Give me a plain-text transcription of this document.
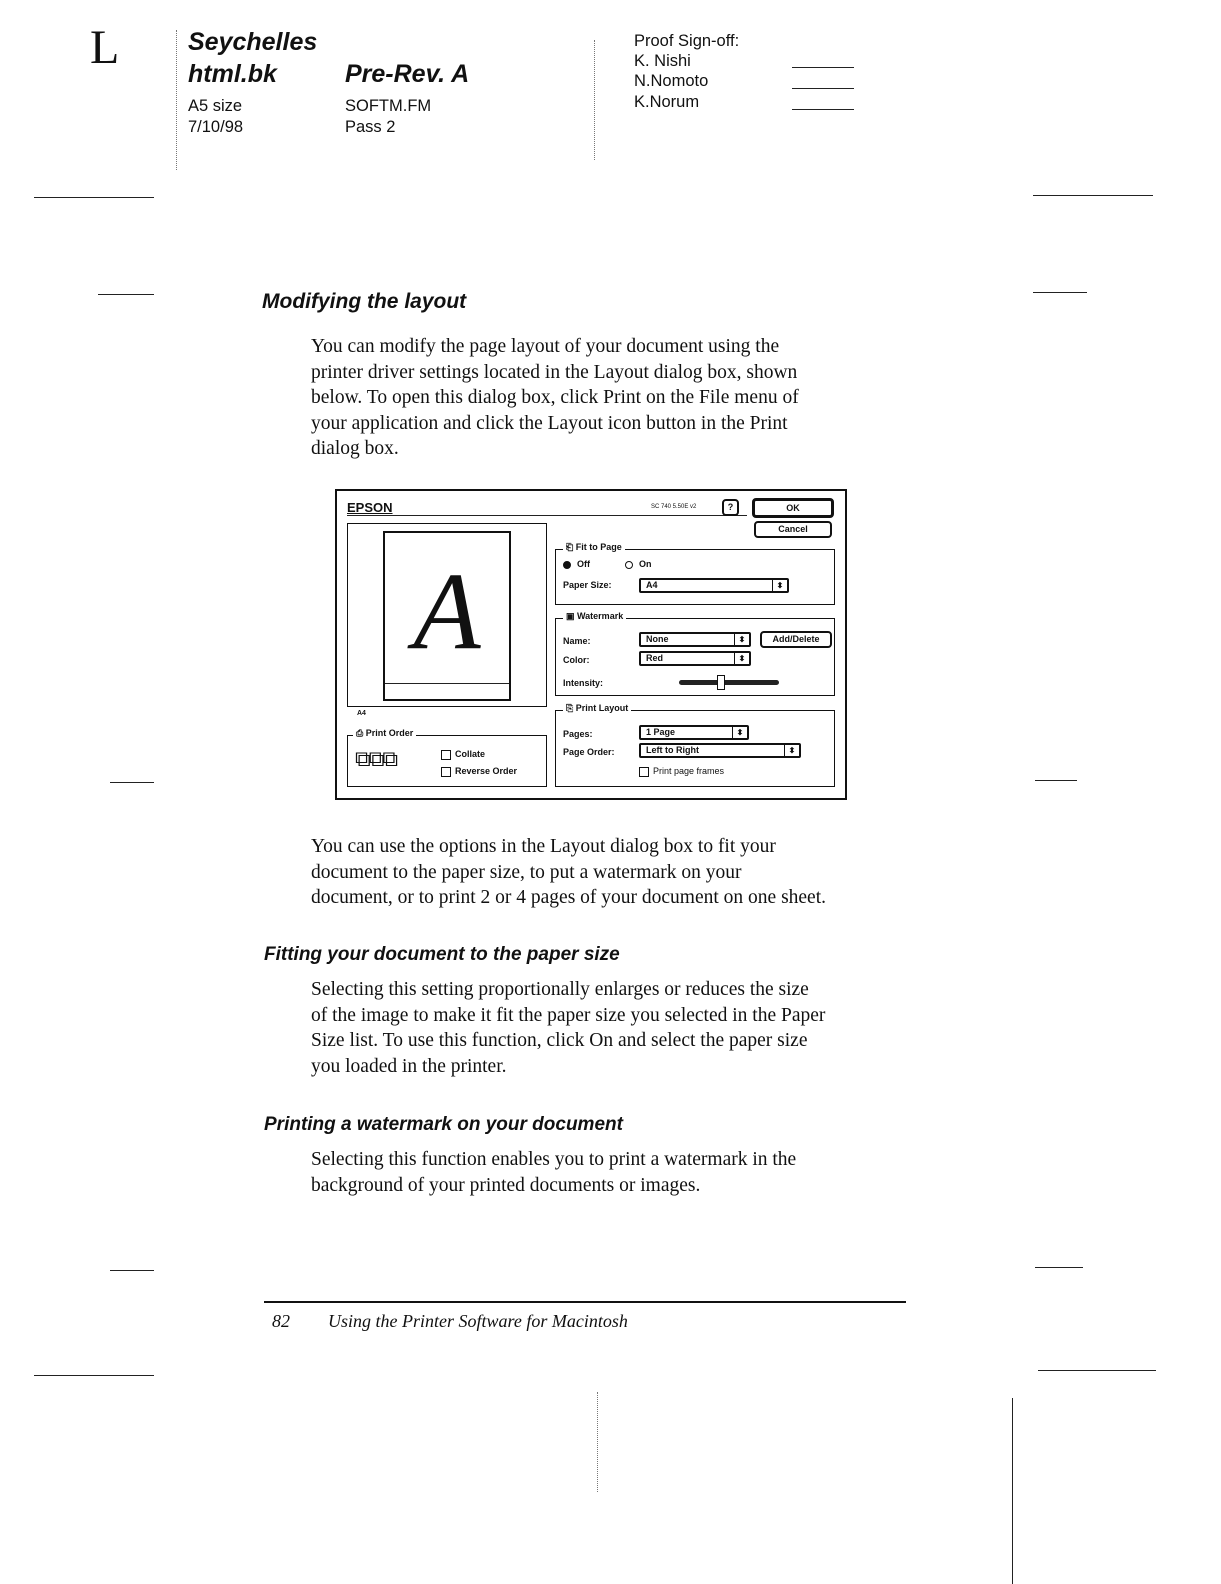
L	Seychelles
html.bk	Pre-Rev. A
A5 size
7/10/98
SOFTM.FM
Pass 2
Proof Sign-off:
K. Nishi
N.Nomoto
K.Norum
Modifying the layout
You can modify the page layout of your document using the
printer driver settings located in the Layout dialog box, shown
below. To open this dialog box, click Print on the File menu of
your application and click the Layout icon button in the Print
dialog box.
EPSON	SC 740 5.50E v2	?	OK
Cancel
A
A4
⎗ Fit to Page
Off	On
Paper Size:	A4	⬍
▣ Watermark
Name:	None	⬍	Add/Delete
Color:	Red	⬍
Intensity:
⎙ Print Order
⧉⧉⧉	Collate
Reverse Order
⎘ Print Layout
Pages:	1 Page	⬍
Page Order:	Left to Right	⬍
Print page frames
You can use the options in the Layout dialog box to fit your
document to the paper size, to put a watermark on your
document, or to print 2 or 4 pages of your document on one sheet.
Fitting your document to the paper size
Selecting this setting proportionally enlarges or reduces the size
of the image to make it fit the paper size you selected in the Paper
Size list. To use this function, click On and select the paper size
you loaded in the printer.
Printing a watermark on your document
Selecting this function enables you to print a watermark in the
background of your printed documents or images.
82 Using the Printer Software for Macintosh
